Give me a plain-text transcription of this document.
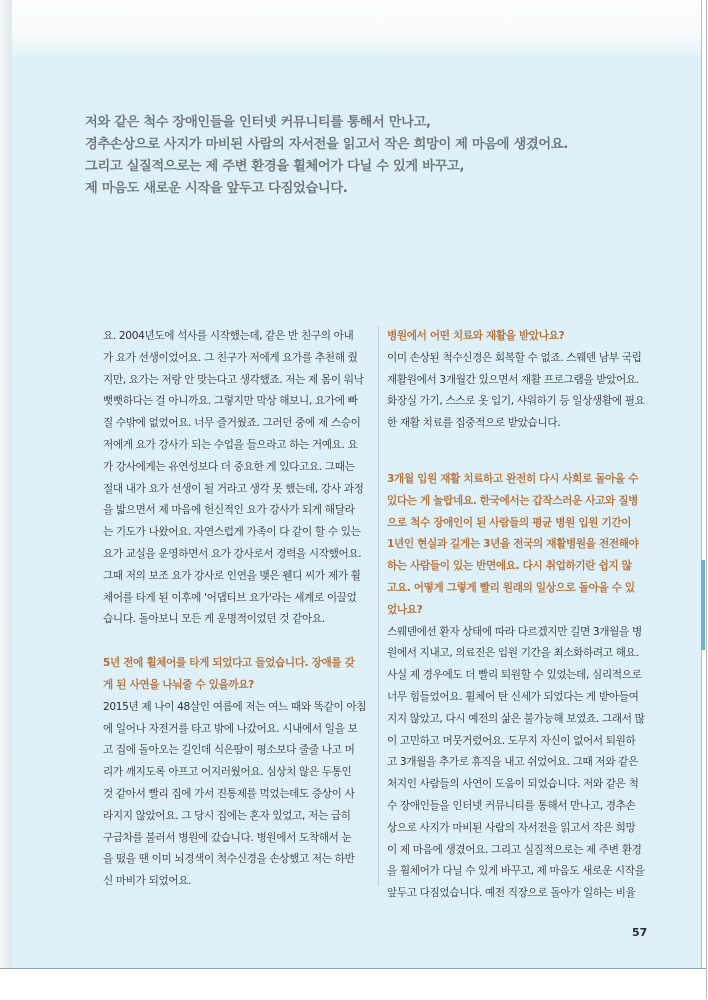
저와 같은 척수 장애인들을 인터넷 커뮤니티를 통해서 만나고,
경추손상으로 사지가 마비된 사람의 자서전을 읽고서 작은 희망이 제 마음에 생겼어요.
그리고 실질적으로는 제 주변 환경을 휠체어가 다닐 수 있게 바꾸고,
제 마음도 새로운 시작을 앞두고 다짐었습니다.
요. 2004년도에 석사를 시작했는데, 같은 반 친구의 아내
가 요가 선생이었어요. 그 친구가 저에게 요가를 추천해 줬
지만, 요가는 저랑 안 맞는다고 생각했죠. 저는 제 몸이 워낙
뻣뻣하다는 걸 아니까요. 그렇지만 막상 해보니, 요가에 빠
질 수밖에 없었어요. 너무 즐거웠죠. 그러던 중에 제 스승이
저에게 요가 강사가 되는 수업을 들으라고 하는 거예요. 요
가 강사에게는 유연성보다 더 중요한 게 있다고요. 그때는
절대 내가 요가 선생이 될 거라고 생각 못 했는데, 강사 과정
을 밟으면서 제 마음에 헌신적인 요가 강사가 되게 해달라
는 기도가 나왔어요. 자연스럽게 가족이 다 같이 할 수 있는
요가 교실을 운영하면서 요가 강사로서 경력을 시작했어요.
그때 저의 보조 요가 강사로 인연을 맺은 웬디 씨가 제가 휠
체어를 타게 된 이후에 '어댑티브 요가'라는 세계로 이끌었
습니다. 돌아보니 모든 게 운명적이었던 것 같아요.
5년 전에 휠체어를 타게 되었다고 들었습니다. 장애를 갖
게 된 사연을 나눠줄 수 있을까요?
2015년 제 나이 48살인 여름에 저는 여느 때와 똑같이 아침
에 일어나 자전거를 타고 밖에 나갔어요. 시내에서 일을 보
고 집에 돌아오는 길인데 식은땀이 평소보다 줄줄 나고 머
리가 깨지도록 아프고 어지러웠어요. 심상치 않은 두통인
것 같아서 빨리 집에 가서 진통제를 먹었는데도 증상이 사
라지지 않았어요. 그 당시 집에는 혼자 있었고, 저는 급히
구급차를 불러서 병원에 갔습니다. 병원에서 도착해서 눈
을 떴을 땐 이미 뇌경색이 척수신경을 손상했고 저는 하반
신 마비가 되었어요.
병원에서 어떤 치료와 재활을 받았나요?
이미 손상된 척수신경은 회복할 수 없죠. 스웨덴 남부 국립
재활원에서 3개월간 있으면서 재활 프로그램을 받았어요.
화장실 가기, 스스로 옷 입기, 샤워하기 등 일상생활에 필요
한 재활 치료를 집중적으로 받았습니다.
3개월 입원 재활 치료하고 완전히 다시 사회로 돌아올 수
있다는 게 놀랍네요. 한국에서는 갑작스러운 사고와 질병
으로 척수 장애인이 된 사람들의 평균 병원 입원 기간이
1년인 현실과 길게는 3년을 전국의 재활병원을 전전해야
하는 사람들이 있는 반면에요. 다시 취업하기란 쉽지 않
고요. 어떻게 그렇게 빨리 원래의 일상으로 돌아올 수 있
었나요?
스웨덴에선 환자 상태에 따라 다르겠지만 길면 3개월을 병
원에서 지내고, 의료진은 입원 기간을 최소화하려고 해요.
사실 제 경우에도 더 빨리 퇴원할 수 있었는데, 심리적으로
너무 힘들었어요. 휠체어 탄 신세가 되었다는 게 받아들여
지지 않았고, 다시 예전의 삶은 불가능해 보였죠. 그래서 많
이 고민하고 머뭇거렸어요. 도무지 자신이 없어서 퇴원하
고 3개월을 추가로 휴직을 내고 쉬었어요. 그때 저와 같은
처지인 사람들의 사연이 도움이 되었습니다. 저와 같은 척
수 장애인들을 인터넷 커뮤니티를 통해서 만나고, 경추손
상으로 사지가 마비된 사람의 자서전을 읽고서 작은 희망
이 제 마음에 생겼어요. 그리고 실질적으로는 제 주변 환경
을 휠체어가 다닐 수 있게 바꾸고, 제 마음도 새로운 시작을
앞두고 다짐었습니다. 예전 직장으로 돌아가 일하는 비율
57
